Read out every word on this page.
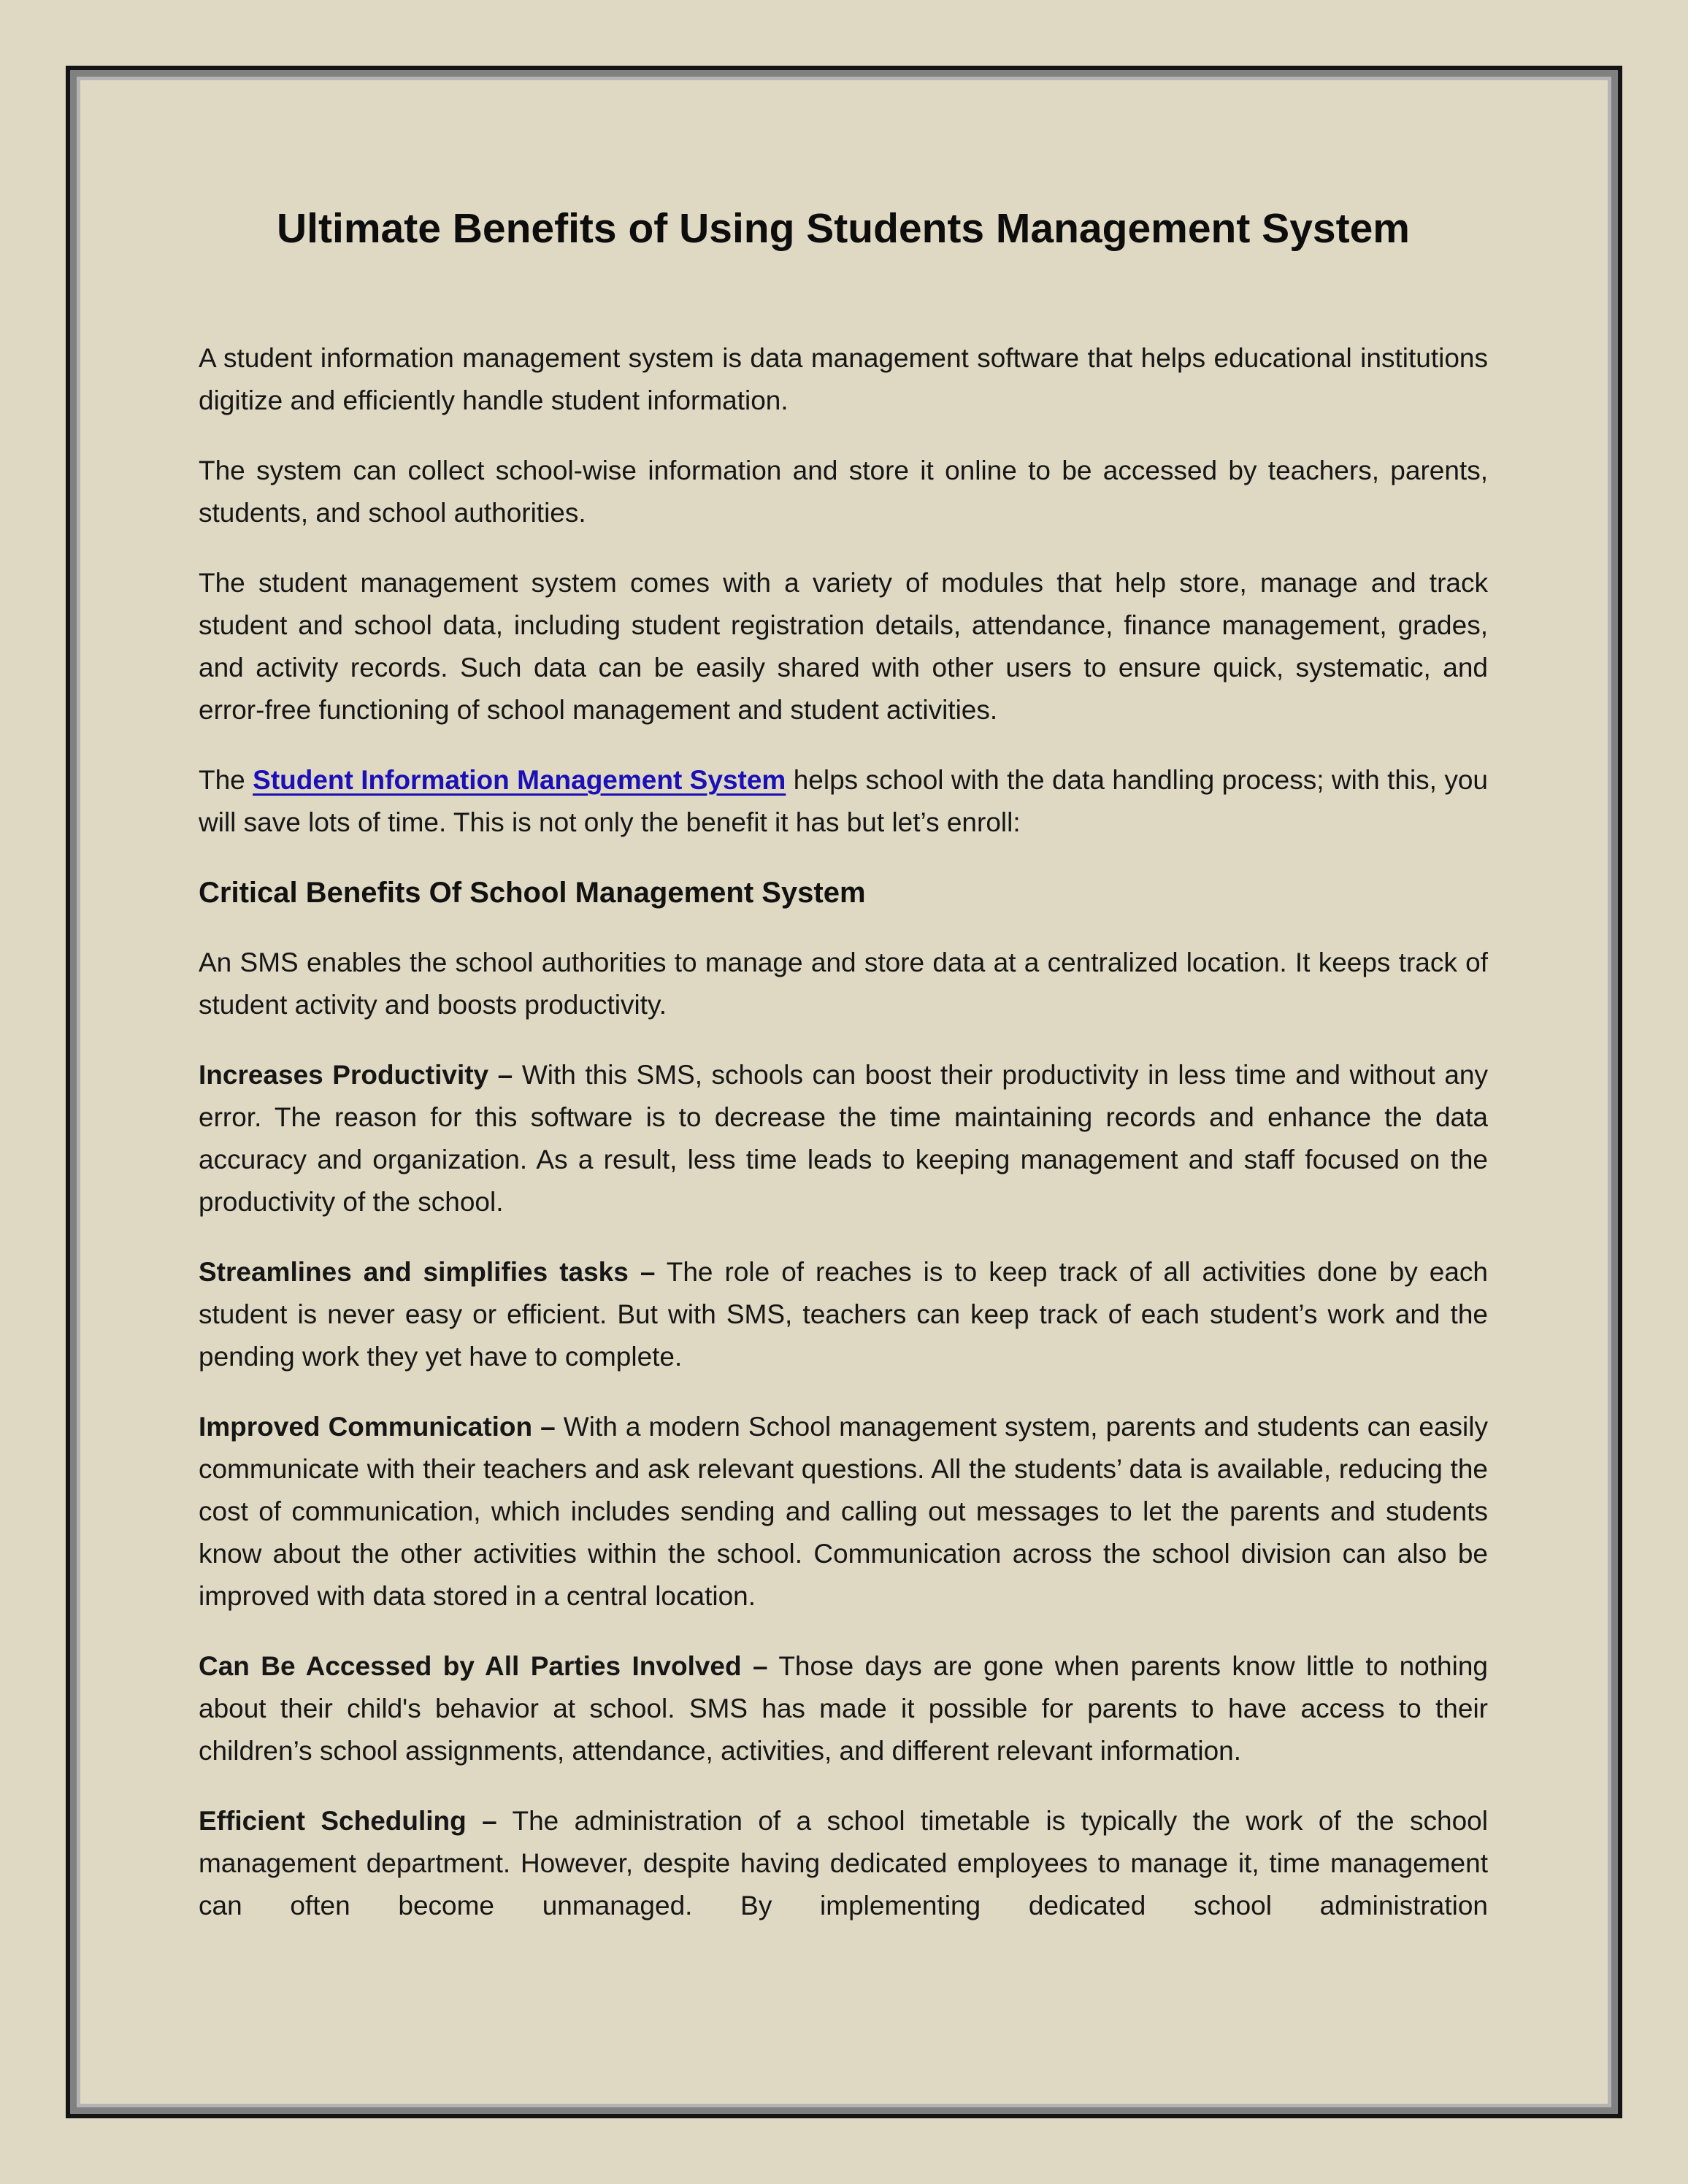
Ultimate Benefits of Using Students Management System

A student information management system is data management software that helps educational institutions digitize and efficiently handle student information.

The system can collect school-wise information and store it online to be accessed by teachers, parents, students, and school authorities.

The student management system comes with a variety of modules that help store, manage and track student and school data, including student registration details, attendance, finance management, grades, and activity records. Such data can be easily shared with other users to ensure quick, systematic, and error-free functioning of school management and student activities.

The Student Information Management System helps school with the data handling process; with this, you will save lots of time. This is not only the benefit it has but let’s enroll:

Critical Benefits Of School Management System

An SMS enables the school authorities to manage and store data at a centralized location. It keeps track of student activity and boosts productivity.

Increases Productivity – With this SMS, schools can boost their productivity in less time and without any error. The reason for this software is to decrease the time maintaining records and enhance the data accuracy and organization. As a result, less time leads to keeping management and staff focused on the productivity of the school.

Streamlines and simplifies tasks – The role of reaches is to keep track of all activities done by each student is never easy or efficient. But with SMS, teachers can keep track of each student’s work and the pending work they yet have to complete.

Improved Communication – With a modern School management system, parents and students can easily communicate with their teachers and ask relevant questions. All the students’ data is available, reducing the cost of communication, which includes sending and calling out messages to let the parents and students know about the other activities within the school. Communication across the school division can also be improved with data stored in a central location.

Can Be Accessed by All Parties Involved – Those days are gone when parents know little to nothing about their child's behavior at school. SMS has made it possible for parents to have access to their children’s school assignments, attendance, activities, and different relevant information.

Efficient Scheduling – The administration of a school timetable is typically the work of the school management department. However, despite having dedicated employees to manage it, time management can often become unmanaged. By implementing dedicated school administration
